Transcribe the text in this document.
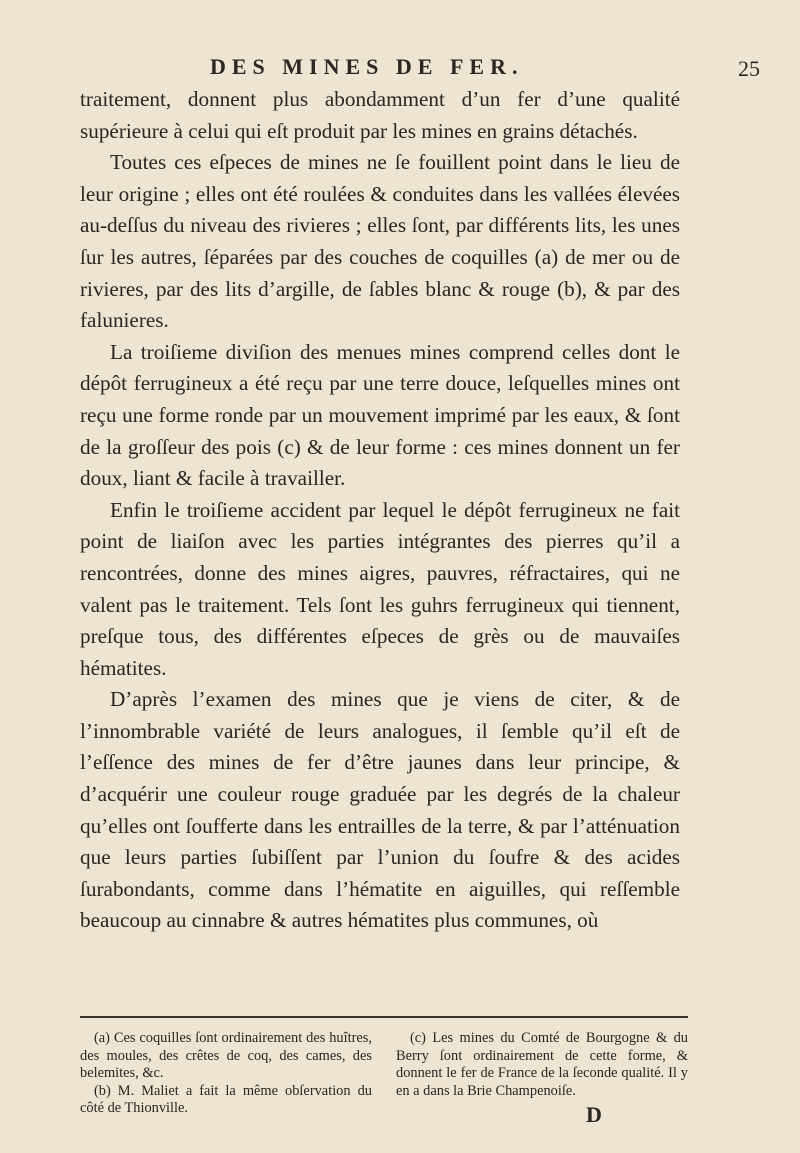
DES MINES DE FER.	25

traitement, donnent plus abondamment d’un fer d’une qualité supérieure à celui qui eſt produit par les mines en grains détachés.

Toutes ces eſpeces de mines ne ſe fouillent point dans le lieu de leur origine ; elles ont été roulées & conduites dans les vallées élevées au-deſſus du niveau des rivieres ; elles ſont, par différents lits, les unes ſur les autres, ſéparées par des couches de coquilles (a) de mer ou de rivieres, par des lits d’argille, de ſables blanc & rouge (b), & par des falunieres.

La troiſieme diviſion des menues mines comprend celles dont le dépôt ferrugineux a été reçu par une terre douce, leſquelles mines ont reçu une forme ronde par un mouvement imprimé par les eaux, & ſont de la groſſeur des pois (c) & de leur forme : ces mines donnent un fer doux, liant & facile à travailler.

Enfin le troiſieme accident par lequel le dépôt ferrugineux ne fait point de liaiſon avec les parties intégrantes des pierres qu’il a rencontrées, donne des mines aigres, pauvres, réfractaires, qui ne valent pas le traitement. Tels ſont les guhrs ferrugineux qui tiennent, preſque tous, des différentes eſpeces de grès ou de mauvaiſes hématites.

D’après l’examen des mines que je viens de citer, & de l’innombrable variété de leurs analogues, il ſemble qu’il eſt de l’eſſence des mines de fer d’être jaunes dans leur principe, & d’acquérir une couleur rouge graduée par les degrés de la chaleur qu’elles ont ſoufferte dans les entrailles de la terre, & par l’atténuation que leurs parties ſubiſſent par l’union du ſoufre & des acides ſurabondants, comme dans l’hématite en aiguilles, qui reſſemble beaucoup au cinnabre & autres hématites plus communes, où

(a) Ces coquilles ſont ordinairement des huîtres, des moules, des crêtes de coq, des cames, des belemites, &c.

(b) M. Maliet a fait la même obſervation du côté de Thionville.

(c) Les mines du Comté de Bourgogne & du Berry ſont ordinairement de cette forme, & donnent le fer de France de la ſeconde qualité. Il y en a dans la Brie Champenoiſe.

D
